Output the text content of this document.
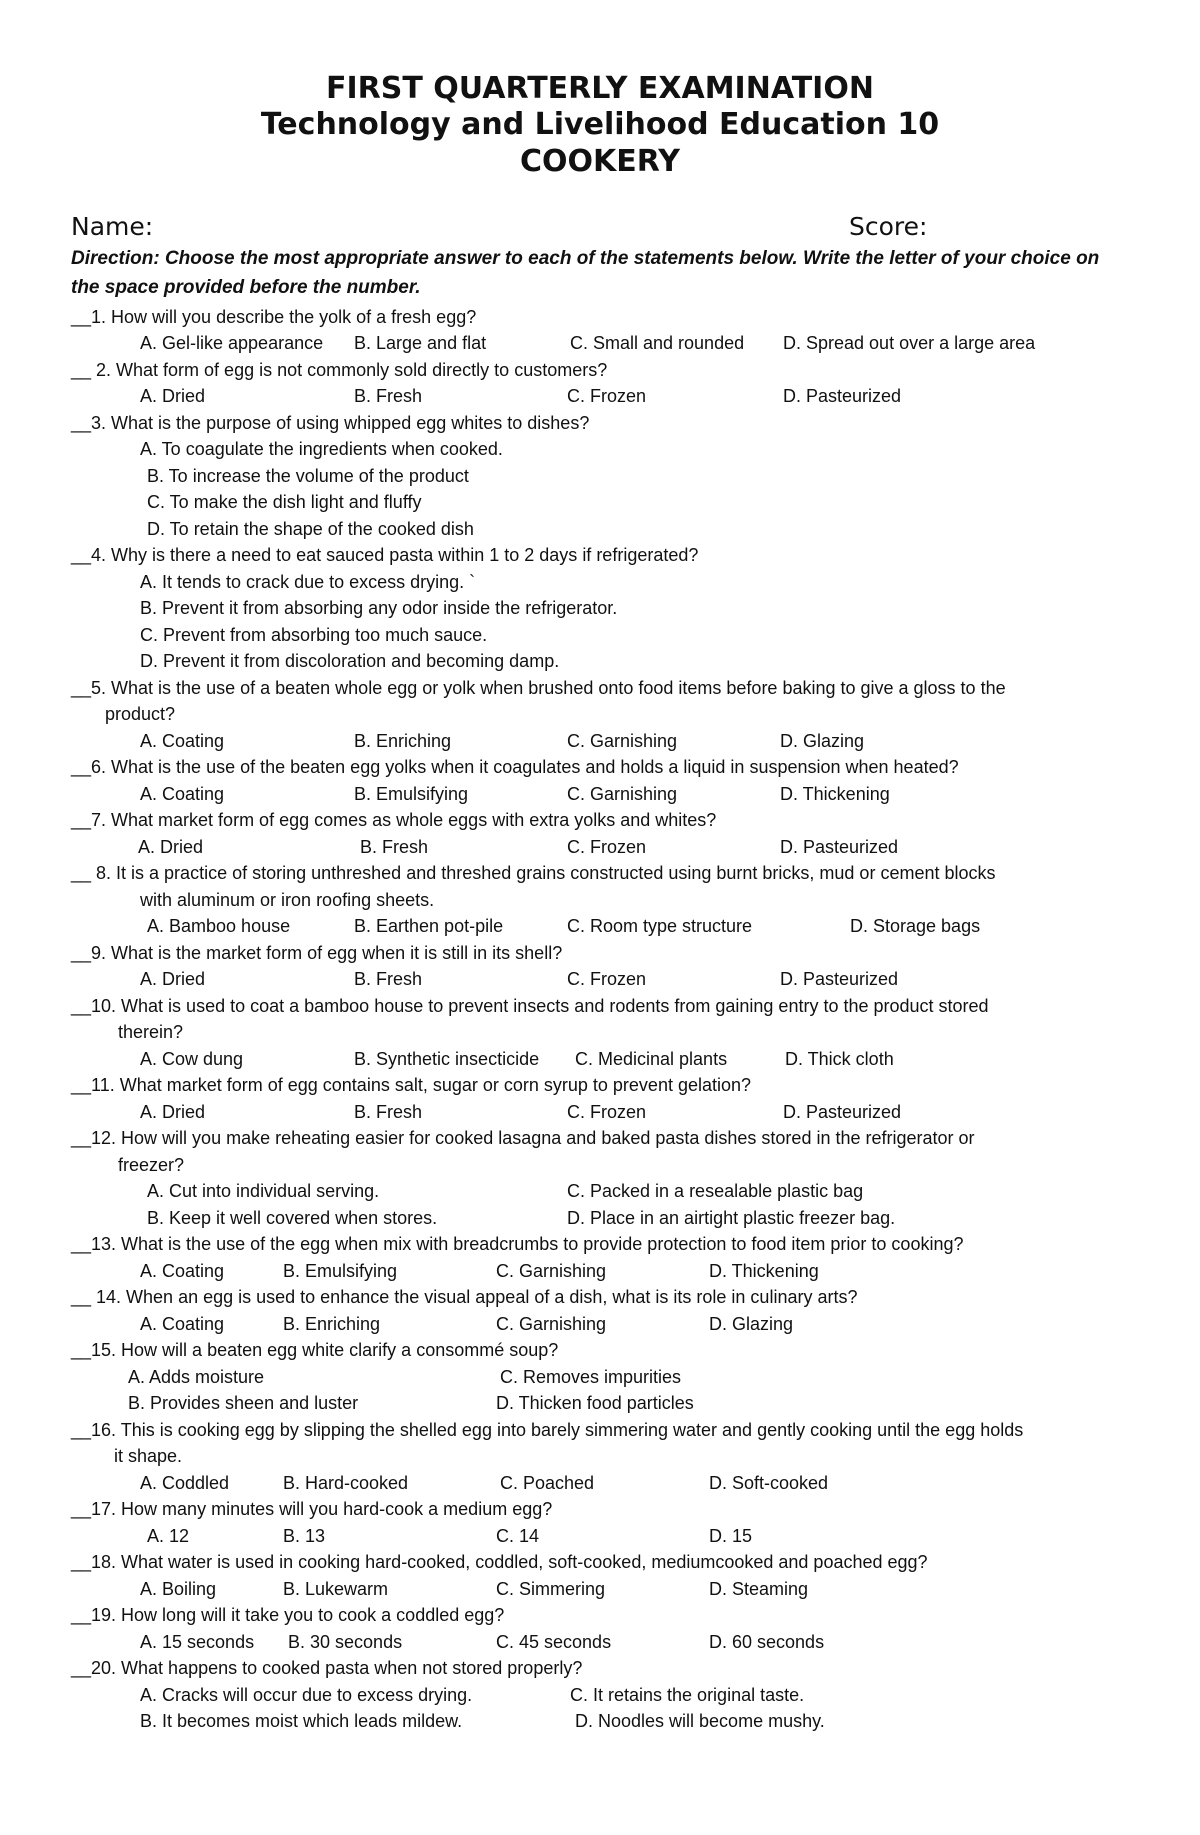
FIRST QUARTERLY EXAMINATION
Technology and Livelihood Education 10
COOKERY
Name:	Score:
Direction: Choose the most appropriate answer to each of the statements below. Write the letter of your choice on the space provided before the number.
__1. How will you describe the yolk of a fresh egg?
A. Gel-like appearance B. Large and flat	C. Small and rounded D. Spread out over a large area
__ 2. What form of egg is not commonly sold directly to customers?
A. Dried	B. Fresh	C. Frozen	D. Pasteurized
__3. What is the purpose of using whipped egg whites to dishes?
A. To coagulate the ingredients when cooked.
B. To increase the volume of the product
C. To make the dish light and fluffy
D. To retain the shape of the cooked dish
__4. Why is there a need to eat sauced pasta within 1 to 2 days if refrigerated?
A. It tends to crack due to excess drying. `
B. Prevent it from absorbing any odor inside the refrigerator.
C. Prevent from absorbing too much sauce.
D. Prevent it from discoloration and becoming damp.
__5. What is the use of a beaten whole egg or yolk when brushed onto food items before baking to give a gloss to the
product?
A. Coating	B. Enriching	C. Garnishing	D. Glazing
__6. What is the use of the beaten egg yolks when it coagulates and holds a liquid in suspension when heated?
A. Coating	B. Emulsifying	C. Garnishing	D. Thickening
__7. What market form of egg comes as whole eggs with extra yolks and whites?
A. Dried	B. Fresh	C. Frozen	D. Pasteurized
__ 8. It is a practice of storing unthreshed and threshed grains constructed using burnt bricks, mud or cement blocks
with aluminum or iron roofing sheets.
A. Bamboo house	B. Earthen pot-pile	C. Room type structure	D. Storage bags
__9. What is the market form of egg when it is still in its shell?
A. Dried	B. Fresh	C. Frozen	D. Pasteurized
__10. What is used to coat a bamboo house to prevent insects and rodents from gaining entry to the product stored
therein?
A. Cow dung	B. Synthetic insecticide C. Medicinal plants	D. Thick cloth
__11. What market form of egg contains salt, sugar or corn syrup to prevent gelation?
A. Dried	B. Fresh	C. Frozen	D. Pasteurized
__12. How will you make reheating easier for cooked lasagna and baked pasta dishes stored in the refrigerator or
freezer?
A. Cut into individual serving.	C. Packed in a resealable plastic bag
B. Keep it well covered when stores.	D. Place in an airtight plastic freezer bag.
__13. What is the use of the egg when mix with breadcrumbs to provide protection to food item prior to cooking?
A. Coating	B. Emulsifying	C. Garnishing	D. Thickening
__ 14. When an egg is used to enhance the visual appeal of a dish, what is its role in culinary arts?
A. Coating	B. Enriching	C. Garnishing	D. Glazing
__15. How will a beaten egg white clarify a consommé soup?
A. Adds moisture	C. Removes impurities
B. Provides sheen and luster	D. Thicken food particles
__16. This is cooking egg by slipping the shelled egg into barely simmering water and gently cooking until the egg holds
it shape.
A. Coddled	B. Hard-cooked	C. Poached	D. Soft-cooked
__17. How many minutes will you hard-cook a medium egg?
A. 12	B. 13	C. 14	D. 15
__18. What water is used in cooking hard-cooked, coddled, soft-cooked, mediumcooked and poached egg?
A. Boiling	B. Lukewarm	C. Simmering	D. Steaming
__19. How long will it take you to cook a coddled egg?
A. 15 seconds B. 30 seconds	C. 45 seconds	D. 60 seconds
__20. What happens to cooked pasta when not stored properly?
A. Cracks will occur due to excess drying.	C. It retains the original taste.
B. It becomes moist which leads mildew.	D. Noodles will become mushy.
